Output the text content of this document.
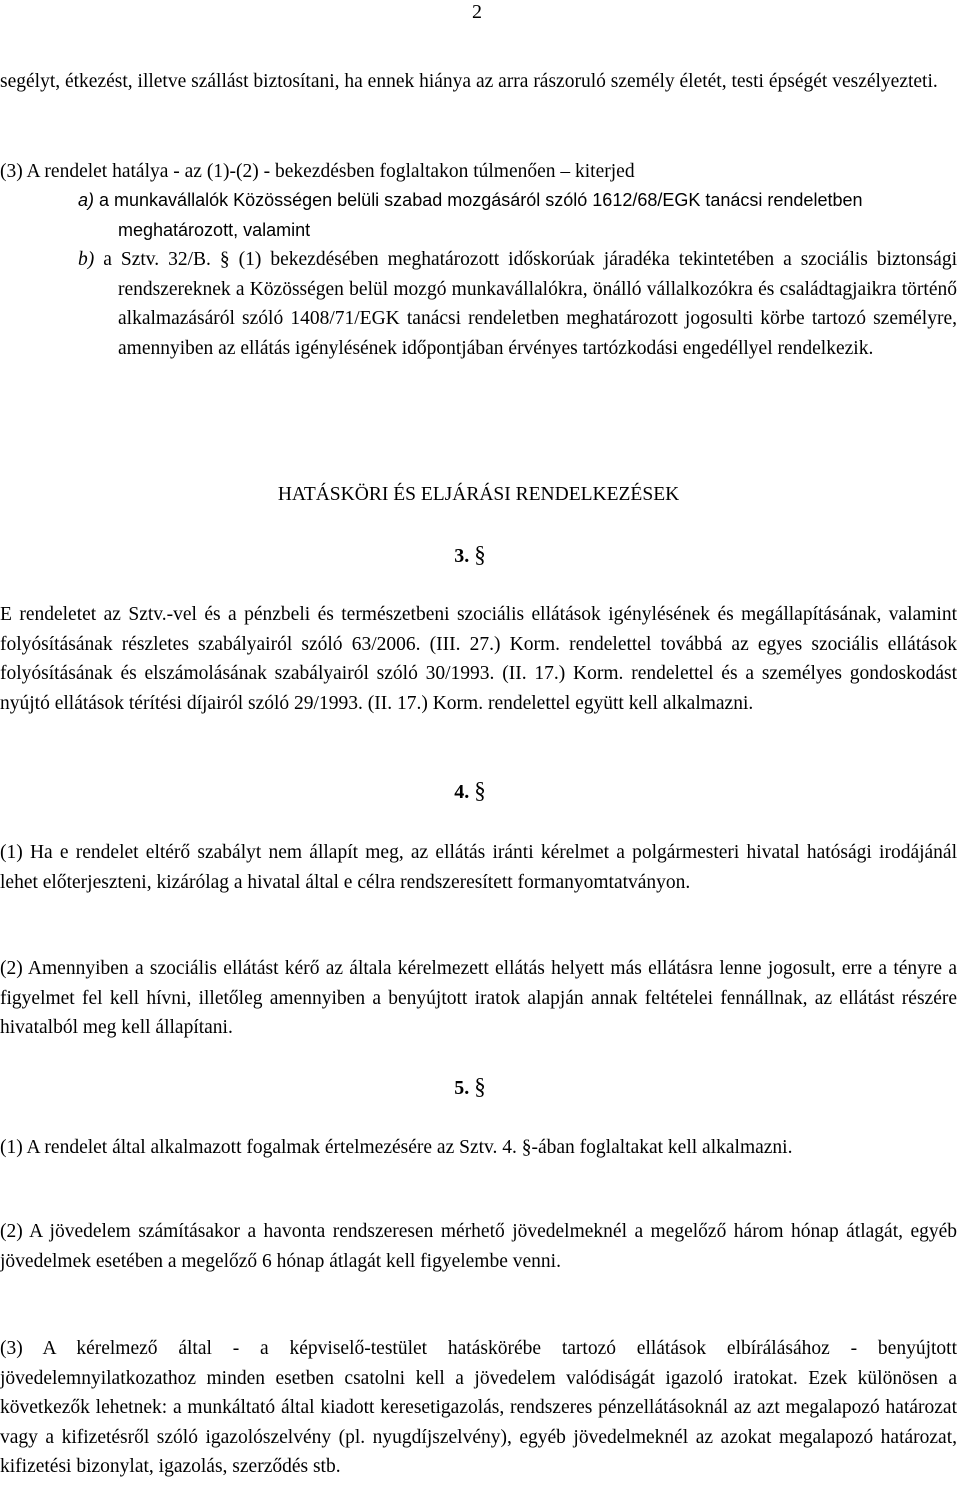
2

segélyt, étkezést, illetve szállást biztosítani, ha ennek hiánya az arra rászoruló személy életét, testi épségét veszélyezteti.

(3) A rendelet hatálya - az (1)-(2) - bekezdésben foglaltakon túlmenően – kiterjed

a) a munkavállalók Közösségen belüli szabad mozgásáról szóló 1612/68/EGK tanácsi rendeletben meghatározott, valamint

b) a Sztv. 32/B. § (1) bekezdésében meghatározott időskorúak járadéka tekintetében a szociális biztonsági rendszereknek a Közösségen belül mozgó munkavállalókra, önálló vállalkozókra és családtagjaikra történő alkalmazásáról szóló 1408/71/EGK tanácsi rendeletben meghatározott jogosulti körbe tartozó személyre, amennyiben az ellátás igénylésének időpontjában érvényes tartózkodási engedéllyel rendelkezik.

HATÁSKÖRI ÉS ELJÁRÁSI RENDELKEZÉSEK
3. §

E rendeletet az Sztv.-vel és a pénzbeli és természetbeni szociális ellátások igénylésének és megállapításának, valamint folyósításának részletes szabályairól szóló 63/2006. (III. 27.) Korm. rendelettel továbbá az egyes szociális ellátások folyósításának és elszámolásának szabályairól szóló 30/1993. (II. 17.) Korm. rendelettel és a személyes gondoskodást nyújtó ellátások térítési díjairól szóló 29/1993. (II. 17.) Korm. rendelettel együtt kell alkalmazni.

4. §

(1) Ha e rendelet eltérő szabályt nem állapít meg, az ellátás iránti kérelmet a polgármesteri hivatal hatósági irodájánál lehet előterjeszteni, kizárólag a hivatal által e célra rendszeresített formanyomtatványon.

(2) Amennyiben a szociális ellátást kérő az általa kérelmezett ellátás helyett más ellátásra lenne jogosult, erre a tényre a figyelmet fel kell hívni, illetőleg amennyiben a benyújtott iratok alapján annak feltételei fennállnak, az ellátást részére hivatalból meg kell állapítani.

5. §

(1) A rendelet által alkalmazott fogalmak értelmezésére az Sztv. 4. §-ában foglaltakat kell alkalmazni.

(2) A jövedelem számításakor a havonta rendszeresen mérhető jövedelmeknél a megelőző három hónap átlagát, egyéb jövedelmek esetében a megelőző 6 hónap átlagát kell figyelembe venni.

(3) A kérelmező által - a képviselő-testület hatáskörébe tartozó ellátások elbírálásához - benyújtott jövedelemnyilatkozathoz minden esetben csatolni kell a jövedelem valódiságát igazoló iratokat. Ezek különösen a következők lehetnek: a munkáltató által kiadott keresetigazolás, rendszeres pénzellátásoknál az azt megalapozó határozat vagy a kifizetésről szóló igazolószelvény (pl. nyugdíjszelvény), egyéb jövedelmeknél az azokat megalapozó határozat, kifizetési bizonylat, igazolás, szerződés stb.
